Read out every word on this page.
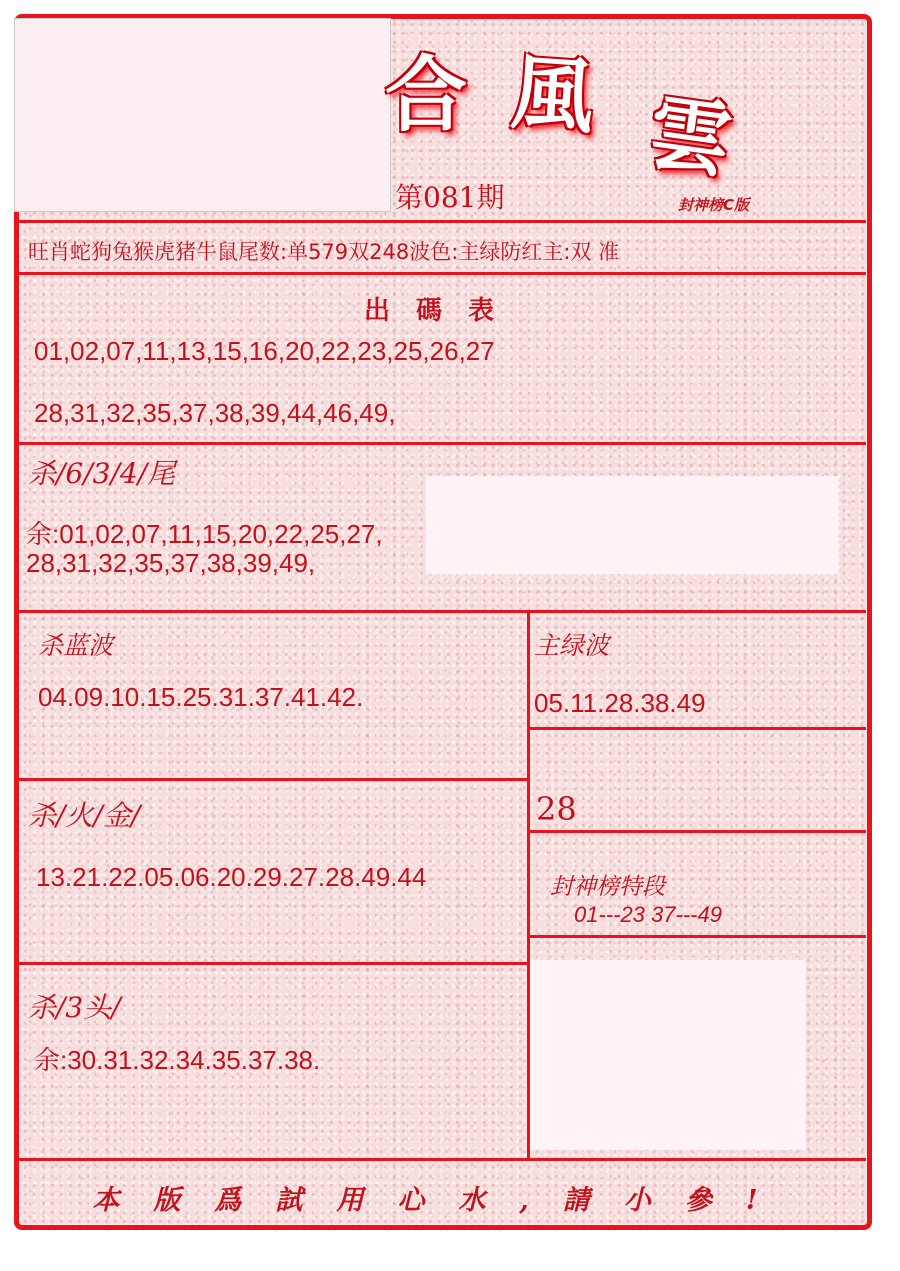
合 風 雲
第081期	封神榜C版
旺肖蛇狗兔猴虎猪牛鼠尾数:单579双248波色:主绿防红主:双 准
出碼表
01,02,07,11,13,15,16,20,22,23,25,26,27
28,31,32,35,37,38,39,44,46,49,
杀/6/3/4/尾
余:01,02,07,11,15,20,22,25,27,
28,31,32,35,37,38,39,49,
杀蓝波
04.09.10.15.25.31.37.41.42.
主绿波
05.11.28.38.49
28
杀/火/金/
13.21.22.05.06.20.29.27.28.49.44	封神榜特段
01---23 37---49
杀/3头/
余:30.31.32.34.35.37.38.
本版爲試用心水,請小參!
